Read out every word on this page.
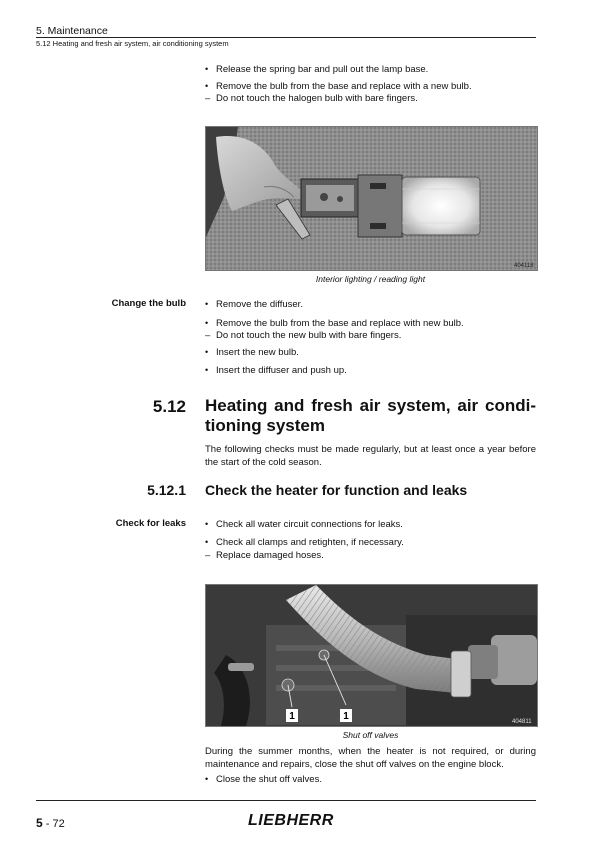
5. Maintenance
5.12 Heating and fresh air system, air conditioning system
• Release the spring bar and pull out the lamp base.
• Remove the bulb from the base and replace with a new bulb.
– Do not touch the halogen bulb with bare fingers.
404118
Interior lighting / reading light
Change the bulb • Remove the diffuser.
• Remove the bulb from the base and replace with new bulb.
– Do not touch the new bulb with bare fingers.
• Insert the new bulb.
• Insert the diffuser and push up.
5.12 Heating and fresh air system, air condi-
tioning system
The following checks must be made regularly, but at least once a year before the start of the cold season.
5.12.1 Check the heater for function and leaks
Check for leaks • Check all water circuit connections for leaks.
• Check all clamps and retighten, if necessary.
– Replace damaged hoses.
1	1	404811
Shut off valves
During the summer months, when the heater is not required, or during maintenance and repairs, close the shut off valves on the engine block.
• Close the shut off valves.
5 - 72	LIEBHERR
